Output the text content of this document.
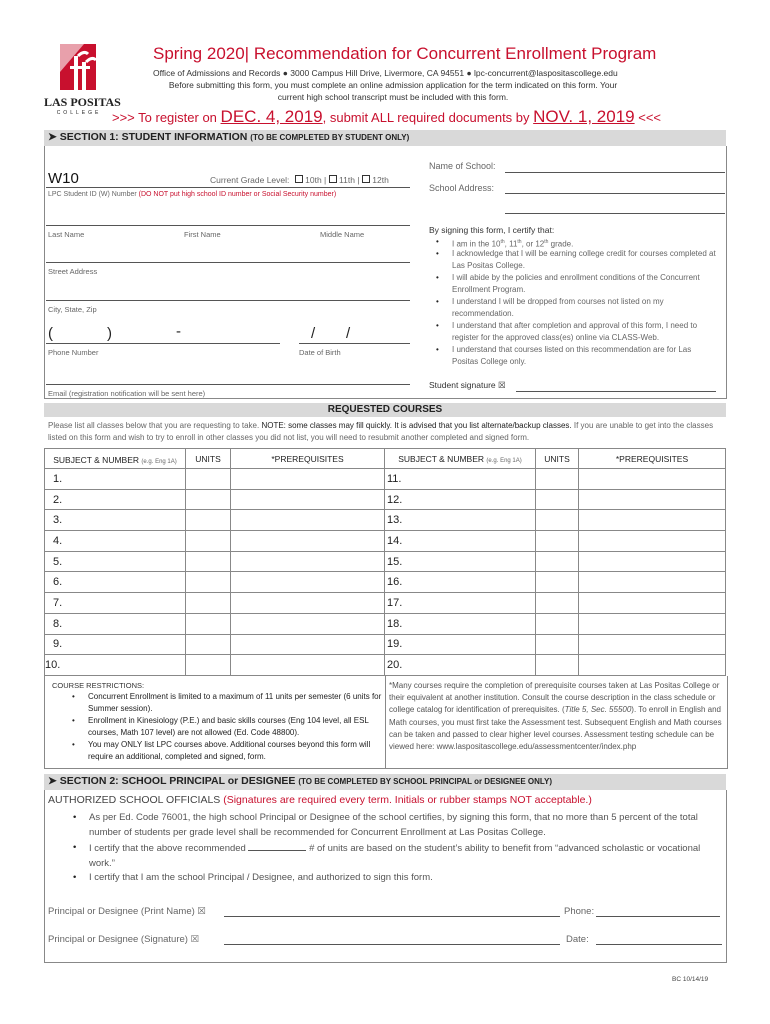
LAS POSITAS
COLLEGE
Spring 2020| Recommendation for Concurrent Enrollment Program
Office of Admissions and Records ● 3000 Campus Hill Drive, Livermore, CA 94551 ● lpc-concurrent@laspositascollege.edu
Before submitting this form, you must complete an online admission application for the term indicated on this form. Your
current high school transcript must be included with this form.
>>> To register on DEC. 4, 2019, submit ALL required documents by NOV. 1, 2019 <<<
➤ SECTION 1: STUDENT INFORMATION (TO BE COMPLETED BY STUDENT ONLY)
W10	Current Grade Level: 10th | 11th | 12th
LPC Student ID (W) Number (DO NOT put high school ID number or Social Security number)
Name of School:
School Address:
Last Name	First Name	Middle Name
Street Address
City, State, Zip
(	)	-	/ /
Phone Number	Date of Birth
Email (registration notification will be sent here)
By signing this form, I certify that:
• I am in the 10th, 11th, or 12th grade.
• I acknowledge that I will be earning college credit for courses completed at Las Positas College.
• I will abide by the policies and enrollment conditions of the Concurrent Enrollment Program.
• I understand I will be dropped from courses not listed on my recommendation.
• I understand that after completion and approval of this form, I need to register for the approved class(es) online via CLASS-Web.
• I understand that courses listed on this recommendation are for Las Positas College only.
Student signature ☒
REQUESTED COURSES
Please list all classes below that you are requesting to take. NOTE: some classes may fill quickly. It is advised that you list alternate/backup classes. If you are unable to get into the classes listed on this form and wish to try to enroll in other classes you did not list, you will need to resubmit another completed and signed form.
SUBJECT & NUMBER (e.g. Eng 1A)	UNITS	*PREREQUISITES	SUBJECT & NUMBER (e.g. Eng 1A)	UNITS	*PREREQUISITES
1.			11.		
2.			12.		
3.			13.		
4.			14.		
5.			15.		
6.			16.		
7.			17.		
8.			18.		
9.			19.		
10.			20.		
COURSE RESTRICTIONS:
• Concurrent Enrollment is limited to a maximum of 11 units per semester (6 units for Summer session).
• Enrollment in Kinesiology (P.E.) and basic skills courses (Eng 104 level, all ESL courses, Math 107 level) are not allowed (Ed. Code 48800).
• You may ONLY list LPC courses above. Additional courses beyond this form will require an additional, completed and signed, form.
*Many courses require the completion of prerequisite courses taken at Las Positas College or their equivalent at another institution. Consult the course description in the class schedule or college catalog for identification of prerequisites. (Title 5, Sec. 55500). To enroll in English and Math courses, you must first take the Assessment test. Subsequent English and Math courses can be taken and passed to clear higher level courses. Assessment testing schedule can be viewed here: www.laspositascollege.edu/assessmentcenter/index.php
➤ SECTION 2: SCHOOL PRINCIPAL or DESIGNEE (TO BE COMPLETED BY SCHOOL PRINCIPAL or DESIGNEE ONLY)
AUTHORIZED SCHOOL OFFICIALS (Signatures are required every term. Initials or rubber stamps NOT acceptable.)
• As per Ed. Code 76001, the high school Principal or Designee of the school certifies, by signing this form, that no more than 5 percent of the total number of students per grade level shall be recommended for Concurrent Enrollment at Las Positas College.
• I certify that the above recommended	# of units are based on the student’s ability to benefit from “advanced scholastic or vocational work.”
• I certify that I am the school Principal / Designee, and authorized to sign this form.
Principal or Designee (Print Name) ☒	Phone:
Principal or Designee (Signature) ☒	Date:
BC 10/14/19
